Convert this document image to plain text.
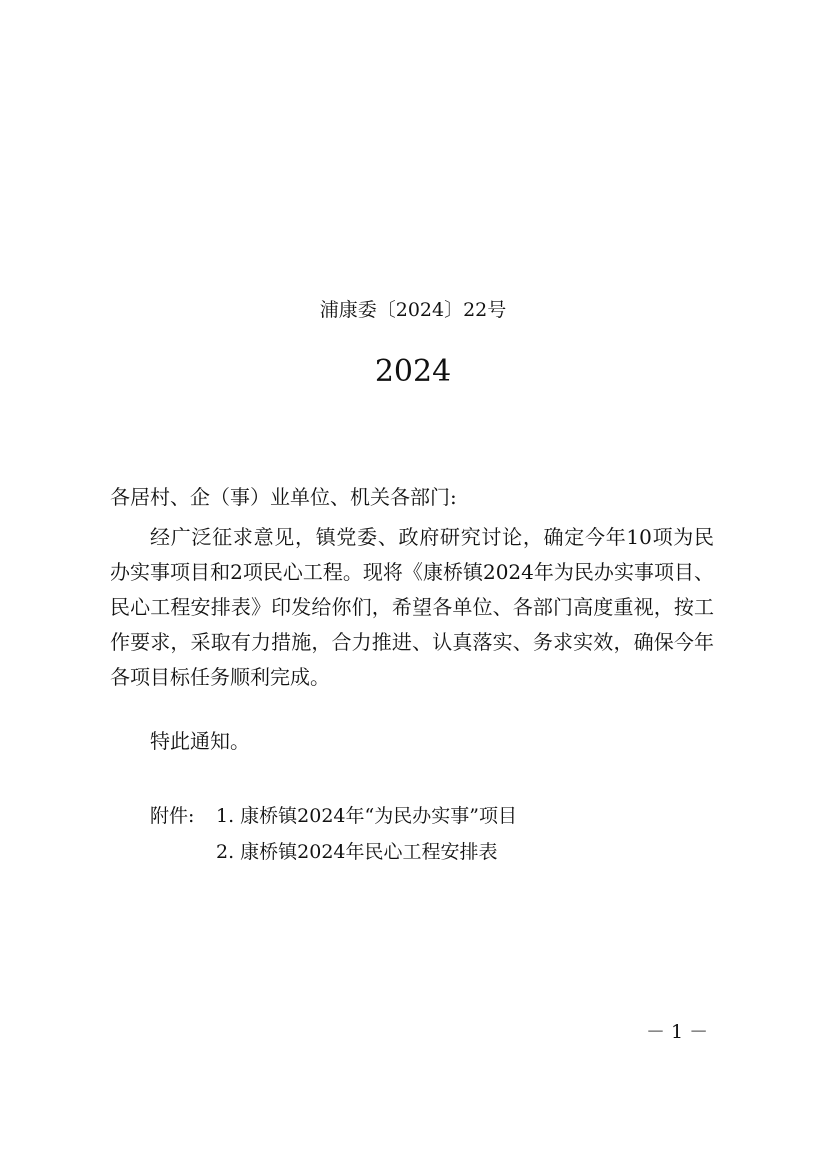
浦康委〔2024〕22号
2024
各居村、企（事）业单位、机关各部门:

经广泛征求意见，镇党委、政府研究讨论，确定今年10项为民办实事项目和2项民心工程。现将《康桥镇2024年为民办实事项目、民心工程安排表》印发给你们，希望各单位、各部门高度重视，按工作要求，采取有力措施，合力推进、认真落实、务求实效，确保今年各项目标任务顺利完成。

特此通知。
附件:	1. 康桥镇2024年“为民办实事”项目
2. 康桥镇2024年民心工程安排表
－ 1 －
